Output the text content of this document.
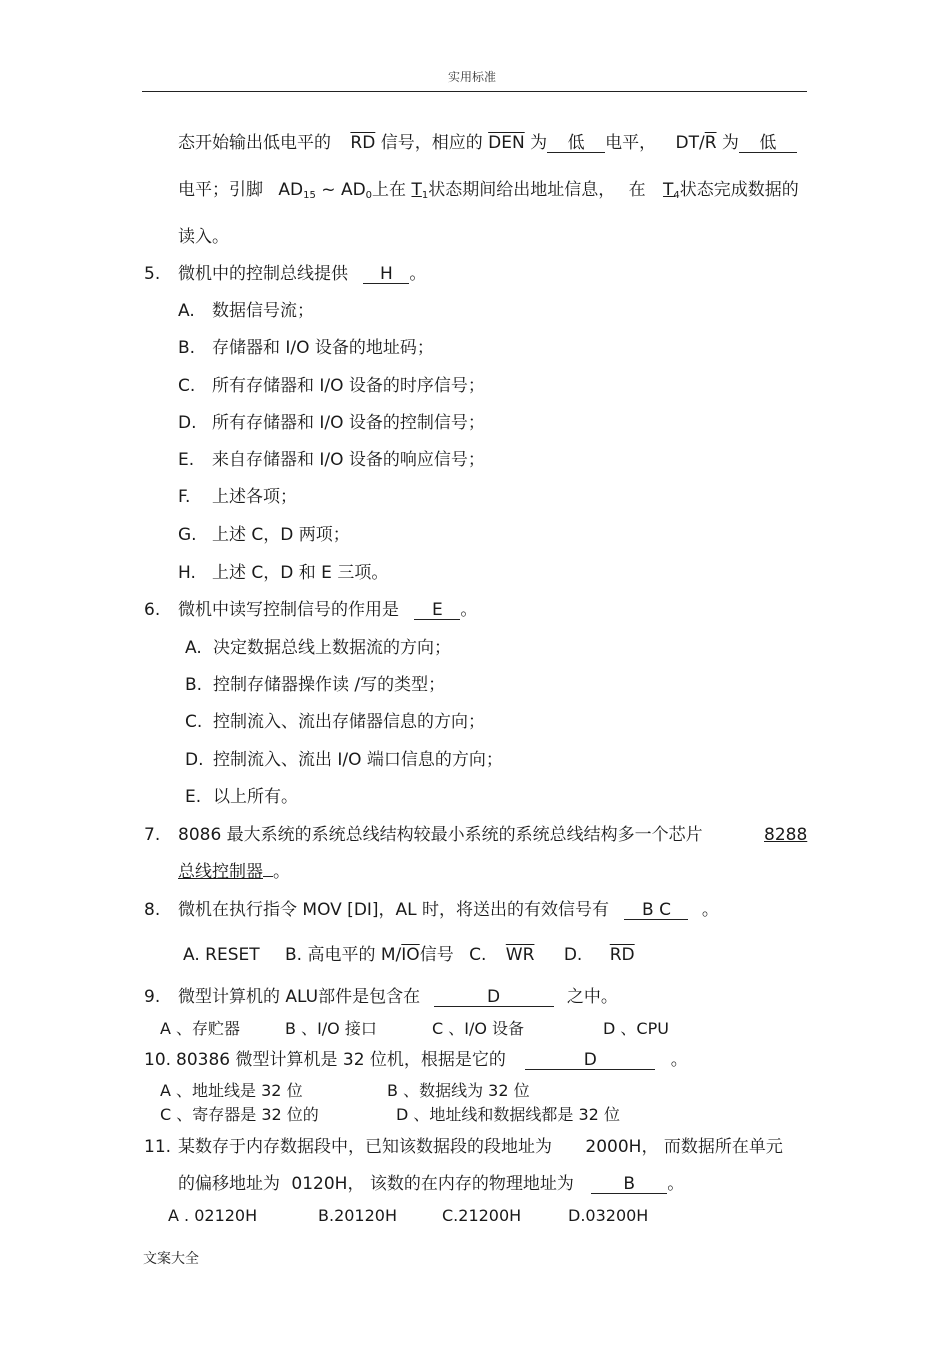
实用标准
态开始输出低电平的 $\overline{RD}$ 信号，相应的 $\overline{DEN}$ 为 低 电平， $DT/\overline{R}$ 为 低
电平；引脚 $AD_{15}$ ~ $AD_0$上在 $T_1$状态期间给出地址信息， 在 $T_4$状态完成数据的
读入。
5. 微机中的控制总线提供 H 。
A. 数据信号流；
B. 存储器和 I/O 设备的地址码；
C. 所有存储器和 I/O 设备的时序信号；
D. 所有存储器和 I/O 设备的控制信号；
E. 来自存储器和 I/O 设备的响应信号；
F. 上述各项；
G. 上述 C，D 两项；
H. 上述 C，D 和 E 三项。
6. 微机中读写控制信号的作用是 E 。
A. 决定数据总线上数据流的方向；
B. 控制存储器操作读 /写的类型；
C. 控制流入、流出存储器信息的方向；
D. 控制流入、流出 I/O 端口信息的方向；
E. 以上所有。
7. 8086 最大系统的系统总线结构较最小系统的系统总线结构多一个芯片	8288
总线控制器 。
8. 微机在执行指令 MOV [DI]，AL 时，将送出的有效信号有 B C 。
A. RESET B. 高电平的 $M/\overline{IO}$信号 C. $\overline{WR}$ D. $\overline{RD}$
9. 微型计算机的 ALU部件是包含在	D	之中。
A 、存贮器	B 、I/O 接口	C 、I/O 设备	D 、CPU
10. 80386 微型计算机是 32 位机，根据是它的	D	。
A 、地址线是 32 位	B 、数据线为 32 位
C 、寄存器是 32 位的	D 、地址线和数据线都是 32 位
11. 某数存于内存数据段中，已知该数据段的段地址为 2000H， 而数据所在单元
的偏移地址为 0120H， 该数的在内存的物理地址为	B 。
A . 02120H	B.20120H	C.21200H	D.03200H
文案大全
